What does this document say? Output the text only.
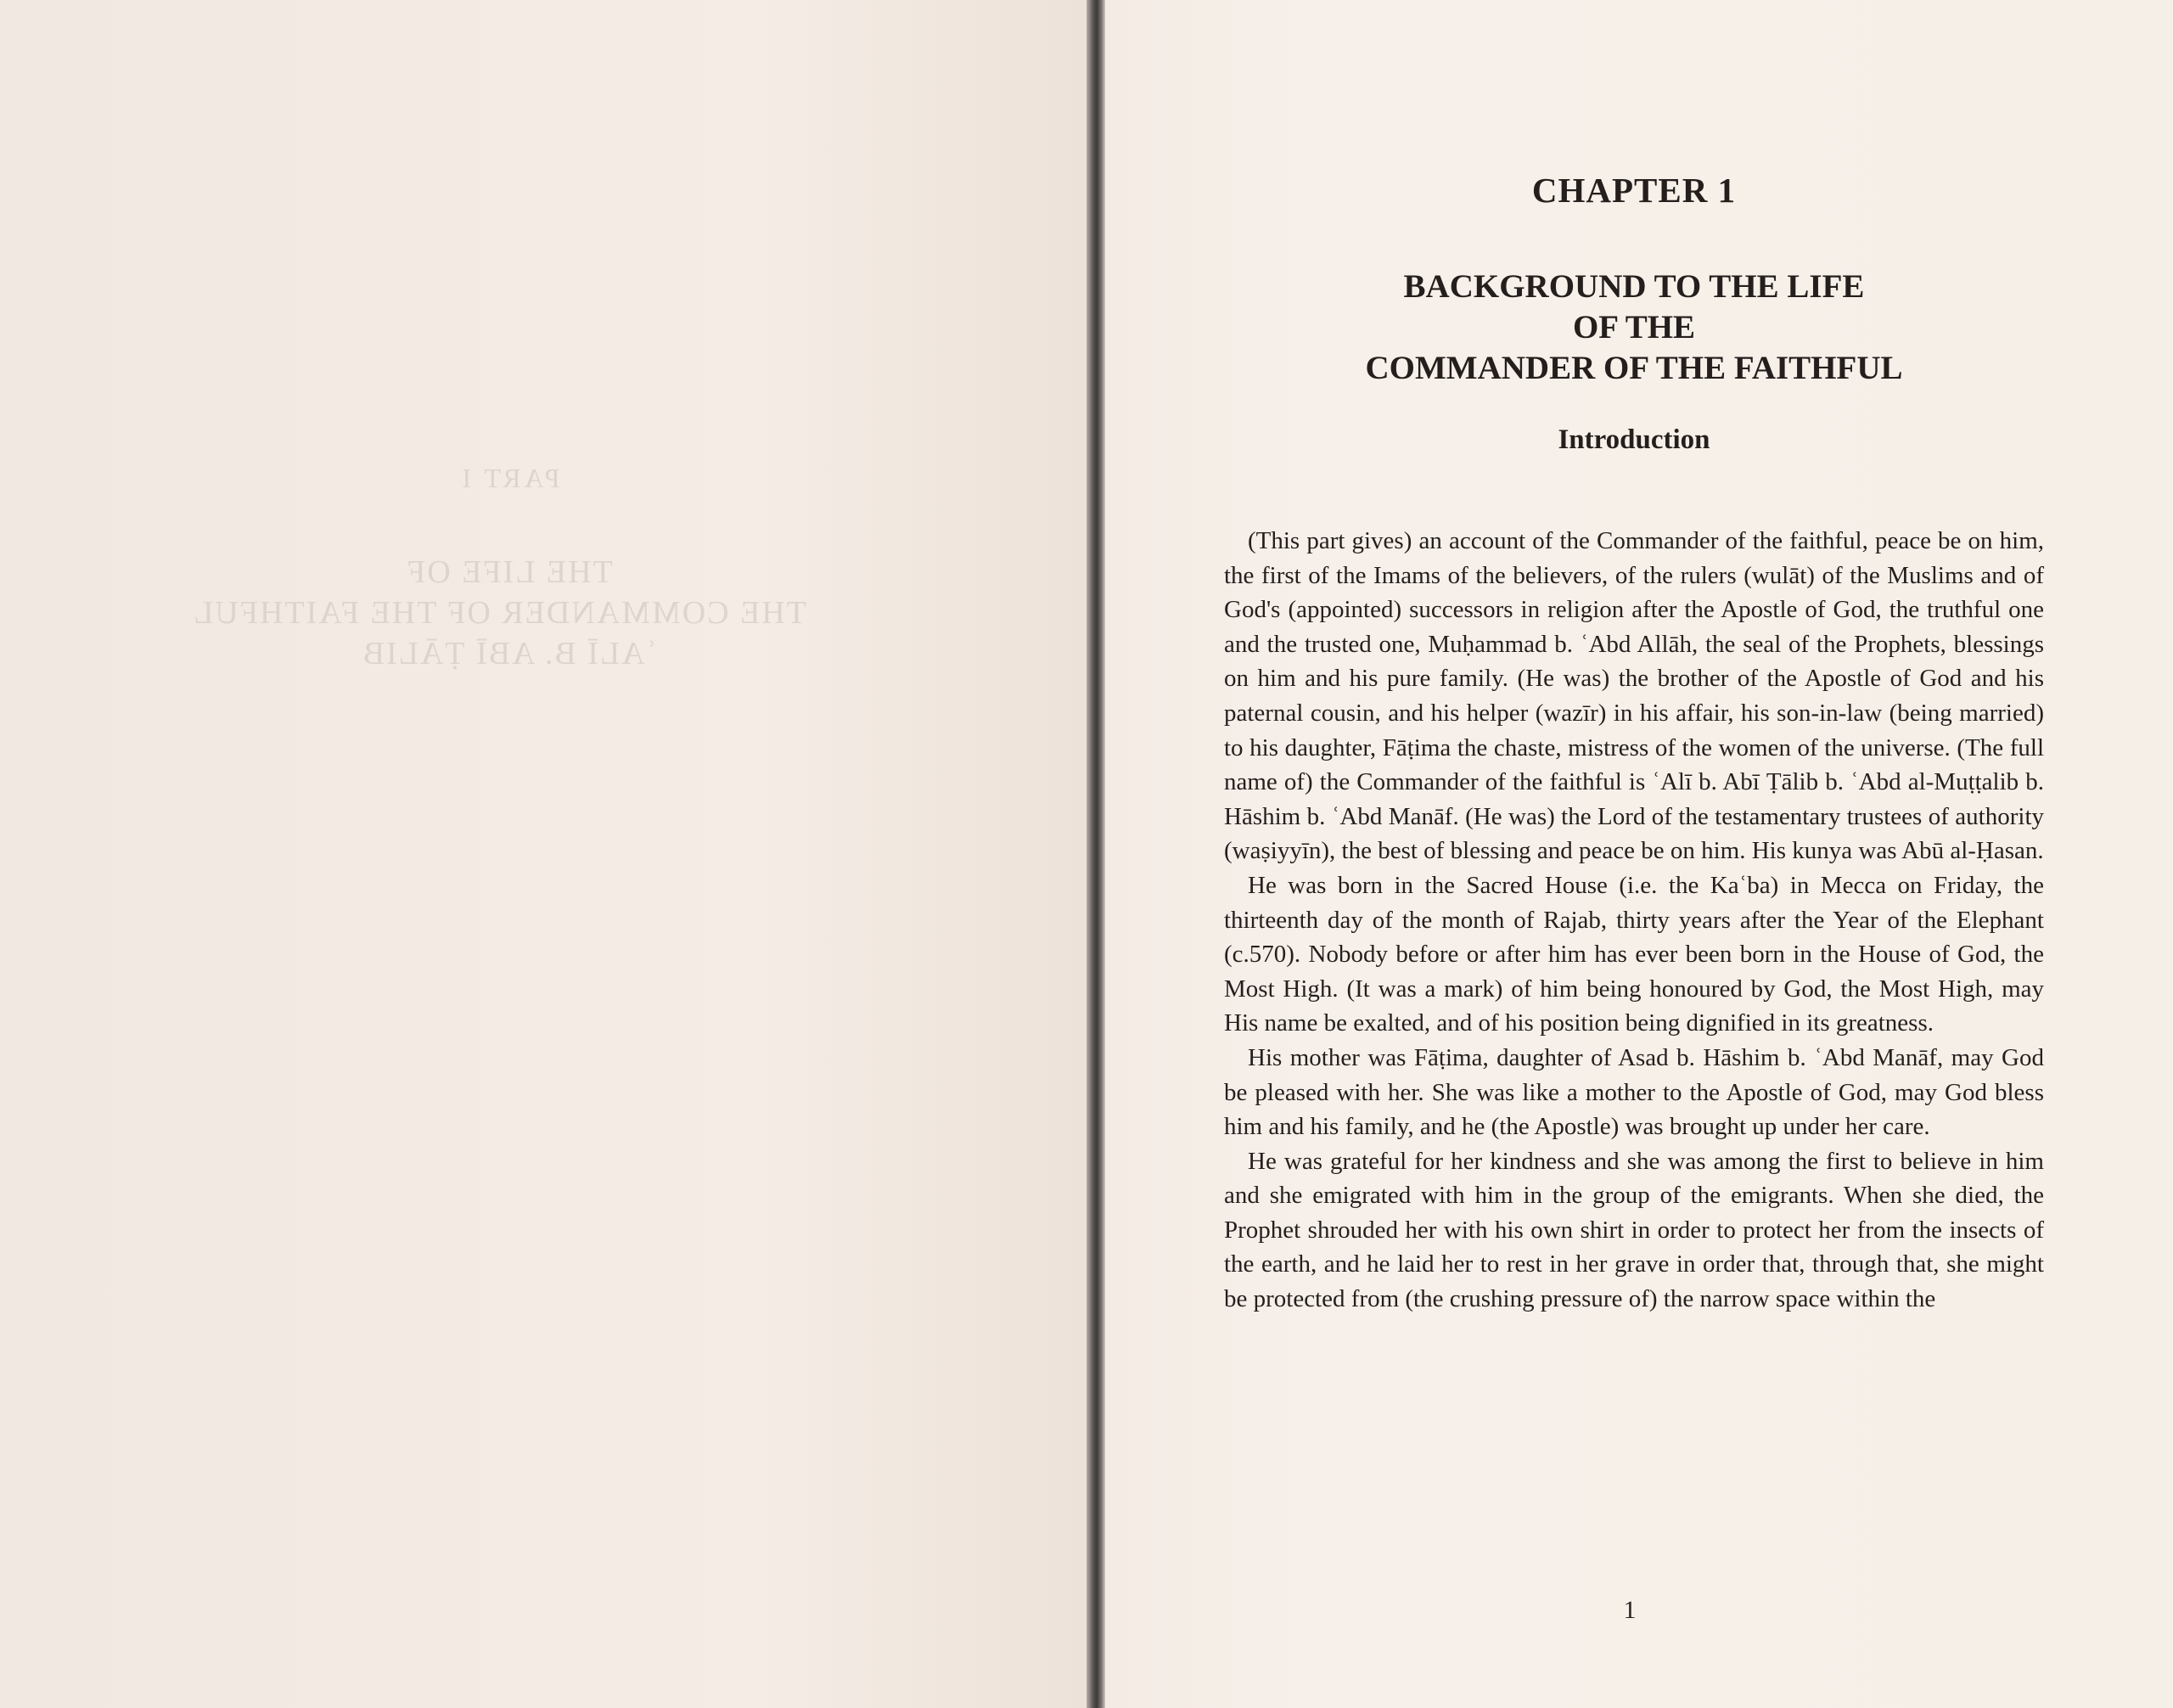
PART I
THE LIFE OF
THE COMMANDER OF THE FAITHFUL
ʿALĪ B. ABĪ ṬĀLIB
CHAPTER 1
BACKGROUND TO THE LIFE
OF THE
COMMANDER OF THE FAITHFUL
Introduction

(This part gives) an account of the Commander of the faithful, peace be on him, the first of the Imams of the believers, of the rulers (wulāt) of the Muslims and of God's (appointed) successors in religion after the Apostle of God, the truthful one and the trusted one, Muḥammad b. ʿAbd Allāh, the seal of the Prophets, blessings on him and his pure family. (He was) the brother of the Apostle of God and his paternal cousin, and his helper (wazīr) in his affair, his son-in-law (being married) to his daughter, Fāṭima the chaste, mistress of the women of the universe. (The full name of) the Commander of the faithful is ʿAlī b. Abī Ṭālib b. ʿAbd al-Muṭṭalib b. Hāshim b. ʿAbd Manāf. (He was) the Lord of the testamentary trustees of authority (waṣiyyīn), the best of blessing and peace be on him. His kunya was Abū al-Ḥasan.

He was born in the Sacred House (i.e. the Kaʿba) in Mecca on Friday, the thirteenth day of the month of Rajab, thirty years after the Year of the Elephant (c.570). Nobody before or after him has ever been born in the House of God, the Most High. (It was a mark) of him being honoured by God, the Most High, may His name be exalted, and of his position being dignified in its greatness.

His mother was Fāṭima, daughter of Asad b. Hāshim b. ʿAbd Manāf, may God be pleased with her. She was like a mother to the Apostle of God, may God bless him and his family, and he (the Apostle) was brought up under her care.

He was grateful for her kindness and she was among the first to believe in him and she emigrated with him in the group of the emigrants. When she died, the Prophet shrouded her with his own shirt in order to protect her from the insects of the earth, and he laid her to rest in her grave in order that, through that, she might be protected from (the crushing pressure of) the narrow space within the

1
